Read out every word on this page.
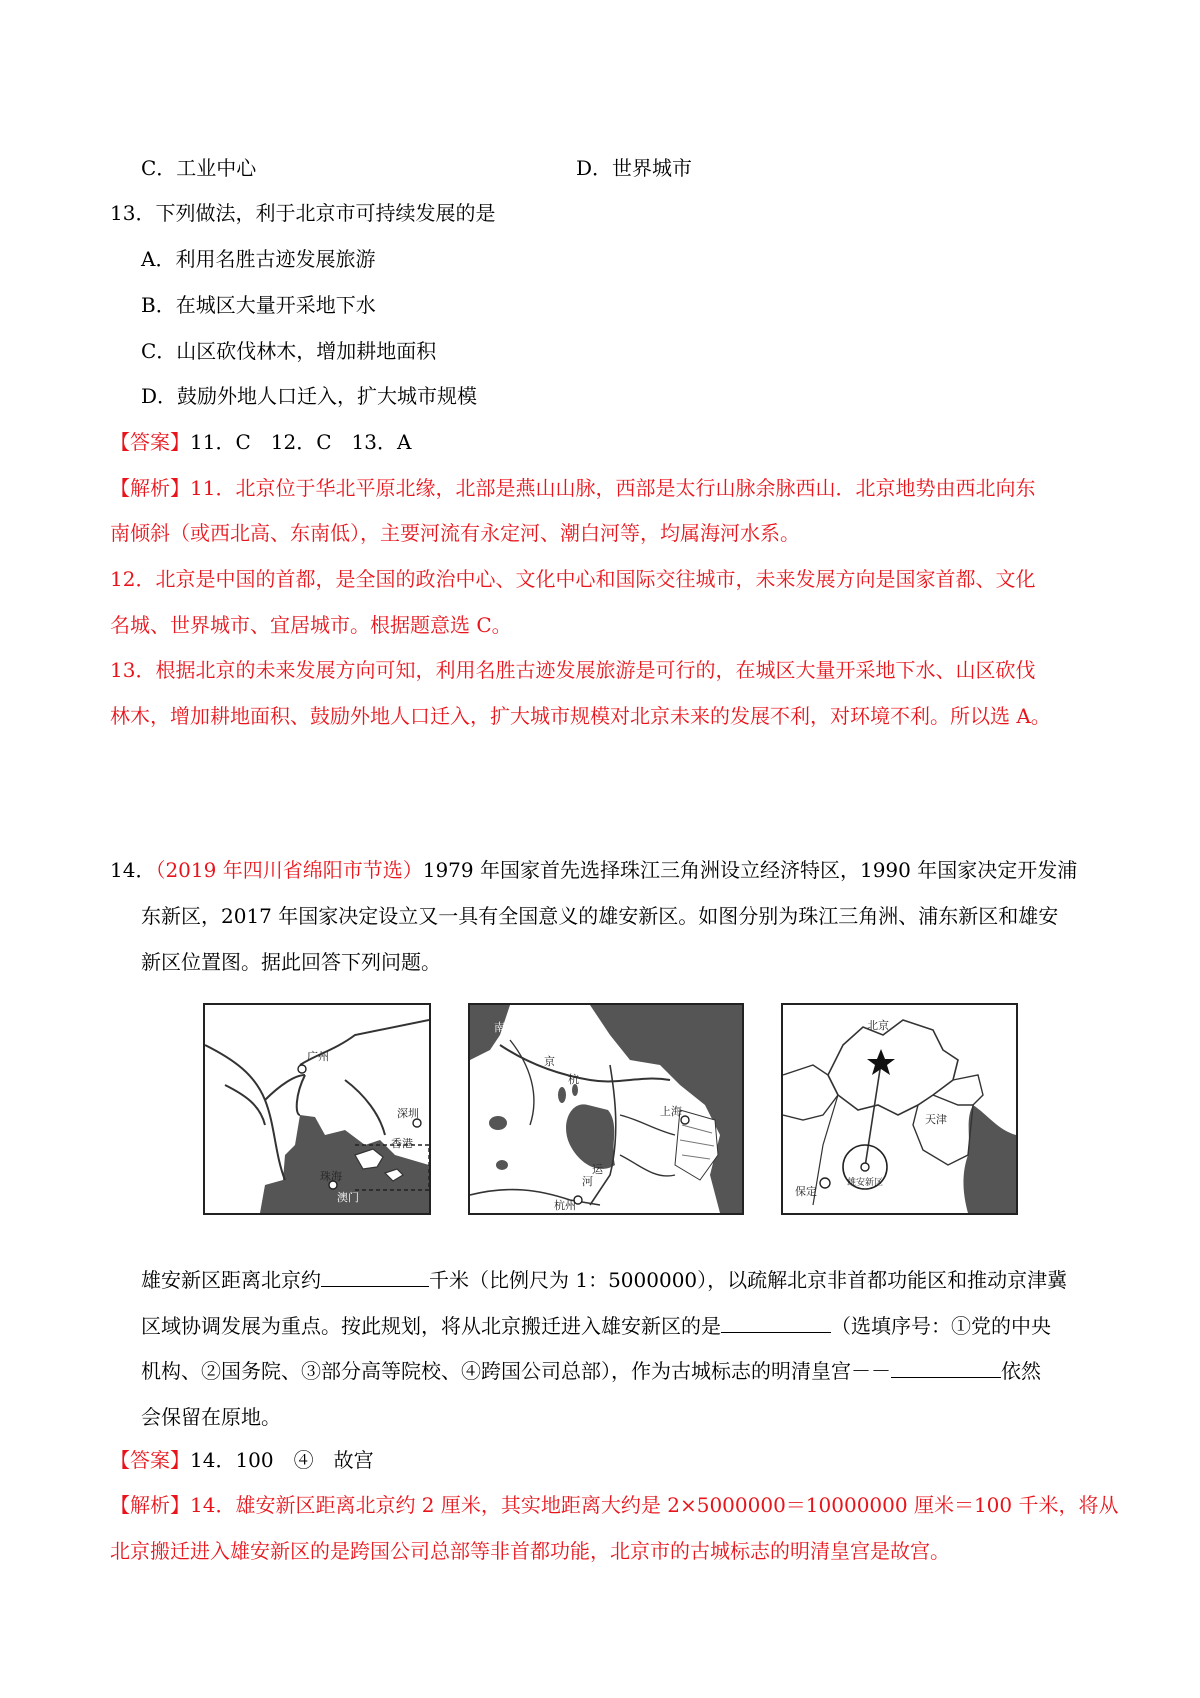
C．工业中心	D．世界城市
13．下列做法，利于北京市可持续发展的是
A．利用名胜古迹发展旅游
B．在城区大量开采地下水
C．山区砍伐林木，增加耕地面积
D．鼓励外地人口迁入，扩大城市规模
【答案】11．C　12．C　13．A
【解析】11．北京位于华北平原北缘，北部是燕山山脉，西部是太行山脉余脉西山．北京地势由西北向东
南倾斜（或西北高、东南低），主要河流有永定河、潮白河等，均属海河水系。
12．北京是中国的首都，是全国的政治中心、文化中心和国际交往城市，未来发展方向是国家首都、文化
名城、世界城市、宜居城市。根据题意选 C。
13．根据北京的未来发展方向可知，利用名胜古迹发展旅游是可行的，在城区大量开采地下水、山区砍伐
林木，增加耕地面积、鼓励外地人口迁入，扩大城市规模对北京未来的发展不利，对环境不利。所以选 A。
14．（2019 年四川省绵阳市节选）1979 年国家首先选择珠江三角洲设立经济特区，1990 年国家决定开发浦
东新区，2017 年国家决定设立又一具有全国意义的雄安新区。如图分别为珠江三角洲、浦东新区和雄安
新区位置图。据此回答下列问题。
广州
深圳
珠海
澳门
香港
南京
京
杭
运
河
上海
杭州
北京
天津
保定
雄安新区
雄安新区距离北京约	千米（比例尺为 1：5000000），以疏解北京非首都功能区和推动京津冀
区域协调发展为重点。按此规划，将从北京搬迁进入雄安新区的是	（选填序号：①党的中央
机构、②国务院、③部分高等院校、④跨国公司总部），作为古城标志的明清皇宫－－	依然
会保留在原地。
【答案】14．100　④　故宫
【解析】14．雄安新区距离北京约 2 厘米，其实地距离大约是 2×5000000＝10000000 厘米＝100 千米，将从
北京搬迁进入雄安新区的是跨国公司总部等非首都功能，北京市的古城标志的明清皇宫是故宫。
